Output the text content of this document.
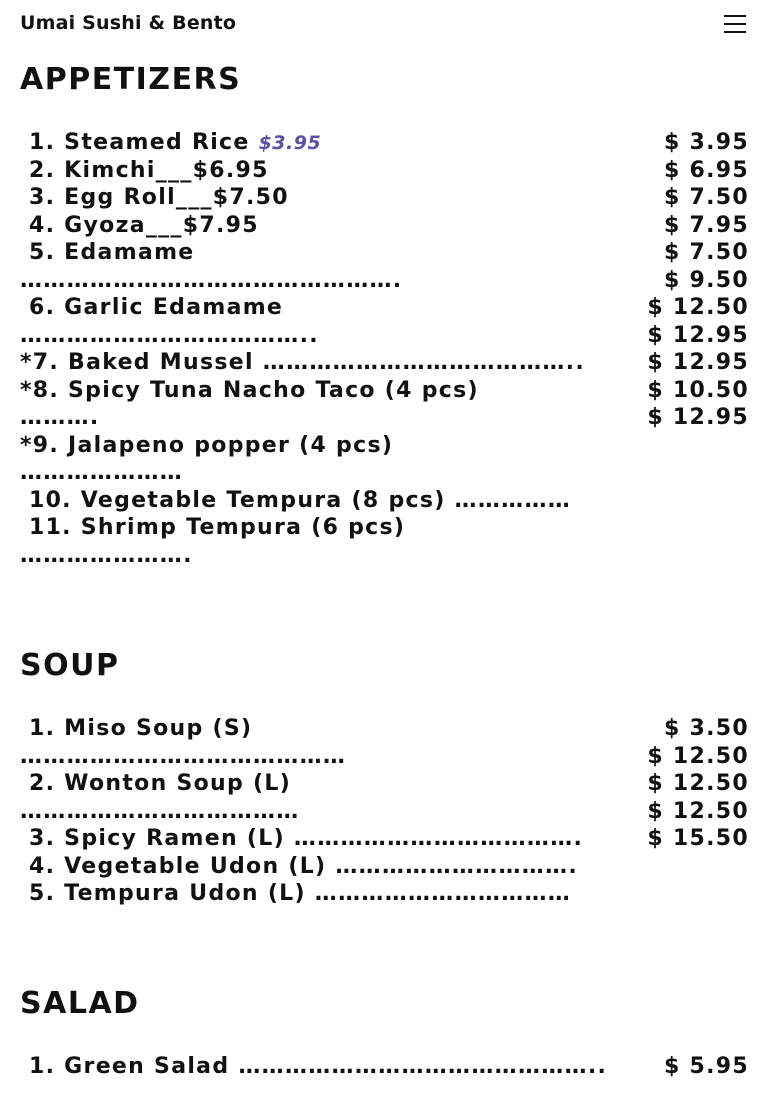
Umai Sushi & Bento
APPETIZERS
1. Steamed Rice $3.95
2. Kimchi___$6.95
3. Egg Roll___$7.50
4. Gyoza___$7.95
5. Edamame
………………………………………….
6. Garlic Edamame
………………………………..
*7. Baked Mussel …………………………………..
*8. Spicy Tuna Nacho Taco (4 pcs)
……….
*9. Jalapeno popper (4 pcs)
…………………
10. Vegetable Tempura (8 pcs) ……………
11. Shrimp Tempura (6 pcs)
………………….
$ 3.95
$ 6.95
$ 7.50
$ 7.95
$ 7.50
$ 9.50
$ 12.50
$ 12.95
$ 12.95
$ 10.50
$ 12.95
SOUP
1. Miso Soup (S)
……………………………………
2. Wonton Soup (L)
………………………………
3. Spicy Ramen (L) ……………………………….
4. Vegetable Udon (L) ………………………….
5. Tempura Udon (L) ……………………………
$ 3.50
$ 12.50
$ 12.50
$ 12.50
$ 15.50
SALAD
1. Green Salad ………………………………………..	$ 5.95
